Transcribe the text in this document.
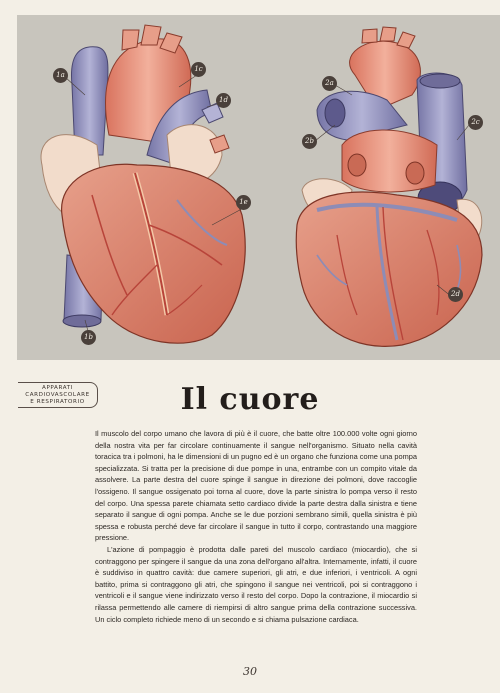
1a
1c
1d
1e
1b
2a
2b
2c
2d
APPARATI
CARDIOVASCOLARE
E RESPIRATORIO	Il cuore

Il muscolo del corpo umano che lavora di più è il cuore, che batte oltre 100.000 volte ogni giorno della nostra vita per far circolare continuamente il sangue nell'organismo. Situato nella cavità toracica tra i polmoni, ha le dimensioni di un pugno ed è un organo che funziona come una pompa specializzata. Si tratta per la precisione di due pompe in una, entrambe con un compito vitale da assolvere. La parte destra del cuore spinge il sangue in direzione dei polmoni, dove raccoglie l'ossigeno. Il sangue ossigenato poi torna al cuore, dove la parte sinistra lo pompa verso il resto del corpo. Una spessa parete chiamata setto cardiaco divide la parte destra dalla sinistra e tiene separato il sangue di ogni pompa. Anche se le due porzioni sembrano simili, quella sinistra è più spessa e robusta perché deve far circolare il sangue in tutto il corpo, contrastando una maggiore pressione.

L'azione di pompaggio è prodotta dalle pareti del muscolo cardiaco (miocardio), che si contraggono per spingere il sangue da una zona dell'organo all'altra. Internamente, infatti, il cuore è suddiviso in quattro cavità: due camere superiori, gli atri, e due inferiori, i ventricoli. A ogni battito, prima si contraggono gli atri, che spingono il sangue nei ventricoli, poi si contraggono i ventricoli e il sangue viene indirizzato verso il resto del corpo. Dopo la contrazione, il miocardio si rilassa permettendo alle camere di riempirsi di altro sangue prima della contrazione successiva. Un ciclo completo richiede meno di un secondo e si chiama pulsazione cardiaca.

30
